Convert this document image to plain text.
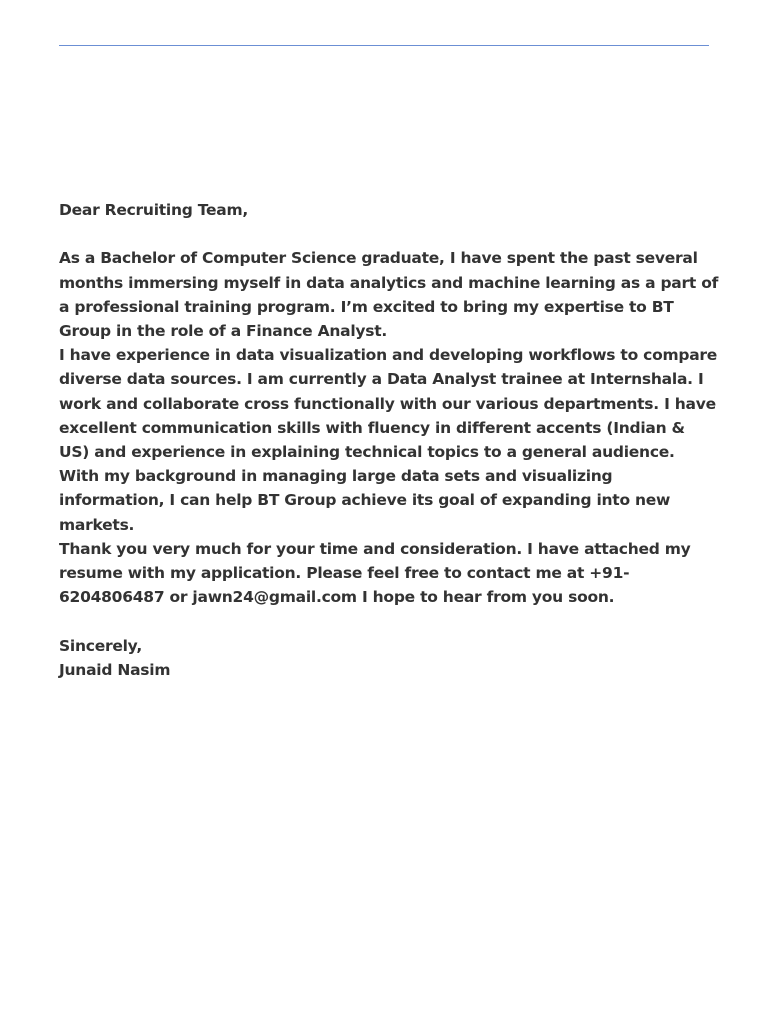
Dear Recruiting Team,

As a Bachelor of Computer Science graduate, I have spent the past several months immersing myself in data analytics and machine learning as a part of a professional training program. I’m excited to bring my expertise to BT Group in the role of a Finance Analyst.

I have experience in data visualization and developing workflows to compare diverse data sources. I am currently a Data Analyst trainee at Internshala. I work and collaborate cross functionally with our various departments. I have excellent communication skills with fluency in different accents (Indian & US) and experience in explaining technical topics to a general audience.

With my background in managing large data sets and visualizing information, I can help BT Group achieve its goal of expanding into new markets.

Thank you very much for your time and consideration. I have attached my resume with my application. Please feel free to contact me at +91-6204806487 or jawn24@gmail.com I hope to hear from you soon.

Sincerely,

Junaid Nasim
